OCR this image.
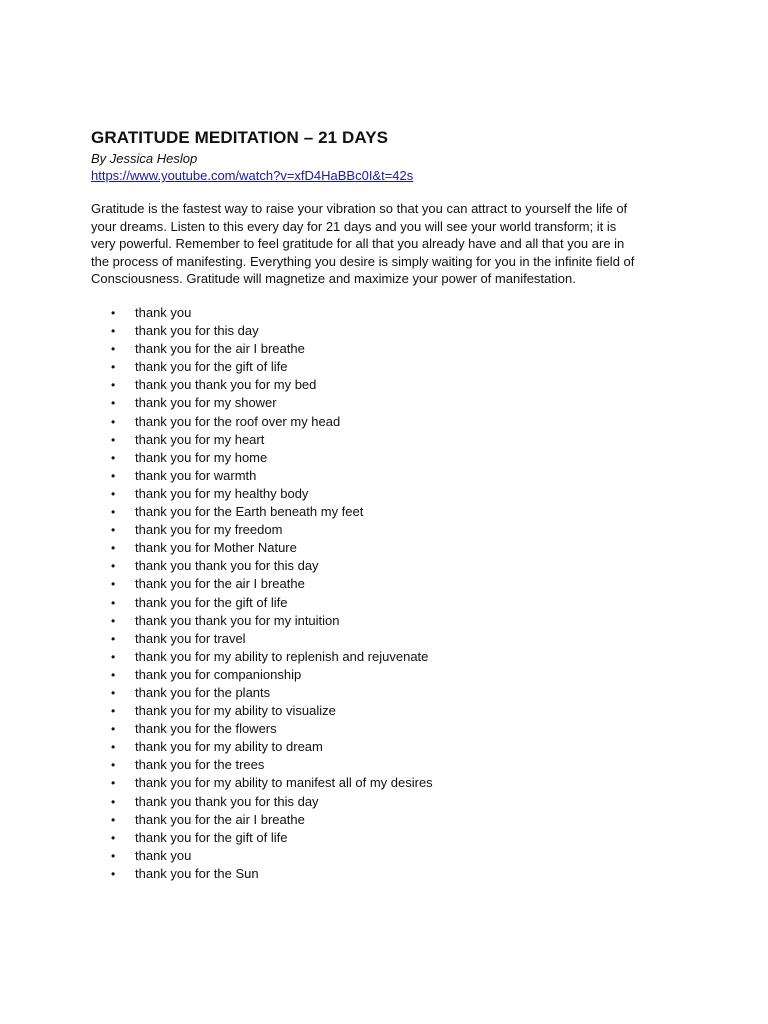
GRATITUDE MEDITATION – 21 DAYS
By Jessica Heslop
https://www.youtube.com/watch?v=xfD4HaBBc0I&t=42s

Gratitude is the fastest way to raise your vibration so that you can attract to yourself the life of
your dreams. Listen to this every day for 21 days and you will see your world transform; it is
very powerful. Remember to feel gratitude for all that you already have and all that you are in
the process of manifesting. Everything you desire is simply waiting for you in the infinite field of
Consciousness. Gratitude will magnetize and maximize your power of manifestation.

• thank you
• thank you for this day
• thank you for the air I breathe
• thank you for the gift of life
• thank you thank you for my bed
• thank you for my shower
• thank you for the roof over my head
• thank you for my heart
• thank you for my home
• thank you for warmth
• thank you for my healthy body
• thank you for the Earth beneath my feet
• thank you for my freedom
• thank you for Mother Nature
• thank you thank you for this day
• thank you for the air I breathe
• thank you for the gift of life
• thank you thank you for my intuition
• thank you for travel
• thank you for my ability to replenish and rejuvenate
• thank you for companionship
• thank you for the plants
• thank you for my ability to visualize
• thank you for the flowers
• thank you for my ability to dream
• thank you for the trees
• thank you for my ability to manifest all of my desires
• thank you thank you for this day
• thank you for the air I breathe
• thank you for the gift of life
• thank you
• thank you for the Sun
